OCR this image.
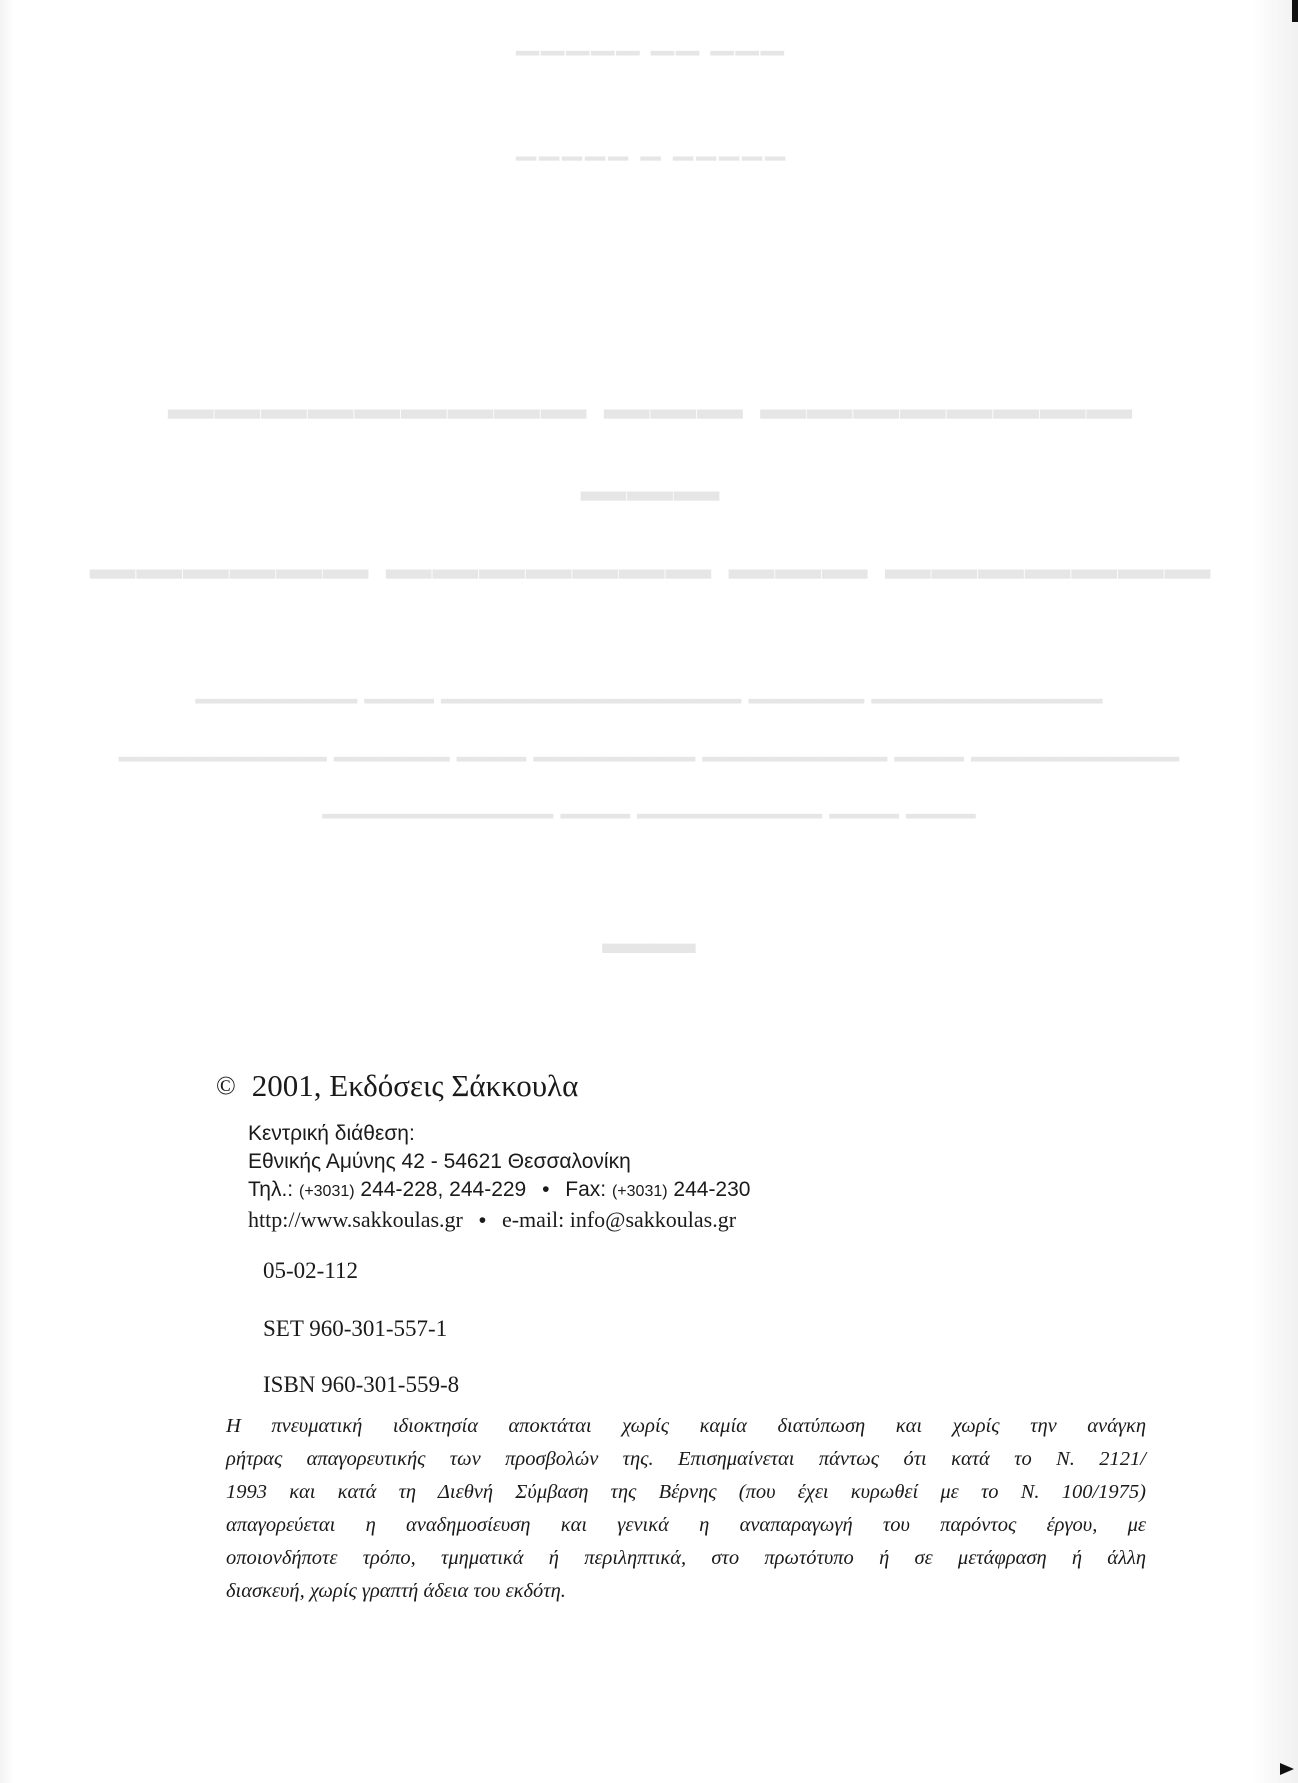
▔▔▔ ▔▔ ▔▔▔▔▔
▔▔▔▔▔ ▔ ▔▔▔▔▔
▔▔▔▔▔▔▔▔ ▔▔▔ ▔▔▔▔▔▔▔▔▔
▔▔▔
▔▔▔▔▔▔▔ ▔▔▔ ▔▔▔▔▔▔▔ ▔▔▔▔▔▔
▔▔▔▔▔▔▔▔▔▔ ▔▔▔▔▔ ▔▔▔▔▔▔▔▔▔▔▔▔▔ ▔▔▔ ▔▔▔▔▔▔▔
▔▔▔▔▔▔▔▔▔ ▔▔▔ ▔▔▔▔▔▔▔▔ ▔▔▔▔▔▔▔ ▔▔▔ ▔▔▔▔▔ ▔▔▔▔▔▔▔▔▔
▔▔▔ ▔▔▔ ▔▔▔▔▔▔▔▔ ▔▔▔ ▔▔▔▔▔▔▔▔▔▔
▔▔
© 2001, Εκδόσεις Σάκκουλα
Κεντρική διάθεση:
Εθνικής Αμύνης 42 - 54621 Θεσσαλονίκη
Τηλ.: (+3031) 244-228, 244-229 • Fax: (+3031) 244-230
http://www.sakkoulas.gr • e-mail: info@sakkoulas.gr
05-02-112
SET 960-301-557-1
ISBN 960-301-559-8
Η πνευματική ιδιοκτησία αποκτάται χωρίς καμία διατύπωση και χωρίς την ανάγκη
ρήτρας απαγορευτικής των προσβολών της. Επισημαίνεται πάντως ότι κατά το Ν. 2121/
1993 και κατά τη Διεθνή Σύμβαση της Βέρνης (που έχει κυρωθεί με το Ν. 100/1975)
απαγορεύεται η αναδημοσίευση και γενικά η αναπαραγωγή του παρόντος έργου, με
οποιονδήποτε τρόπο, τμηματικά ή περιληπτικά, στο πρωτότυπο ή σε μετάφραση ή άλλη
διασκευή, χωρίς γραπτή άδεια του εκδότη.
